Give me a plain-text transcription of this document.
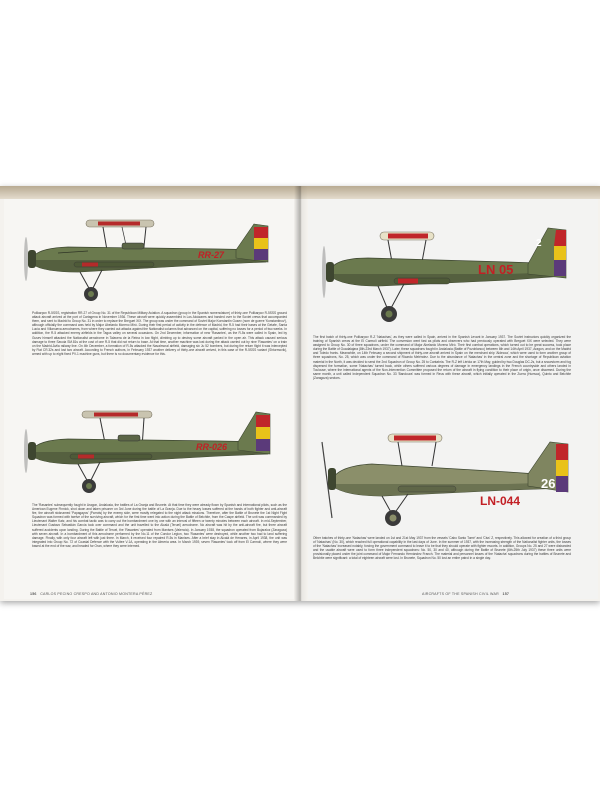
RR-27

Polikarpov R-5SSS, registration RR-27 of Group No. 31 of the Republican Military Aviation. A squadron (group in the Spanish nomenclature) of thirty-one Polikarpov R-5SSS ground attack aircraft arrived at the port of Cartagena in November 1936. These aircraft were quickly assembled in Los Alcázares and handed over to the Soviet crews that accompanied them, and sent to Madrid to Group No. 31 in order to replace the Breguet XIX. The group was under the command of Soviet Major Konstantin Gusev (nom de guerre 'Konstantinov'), although officially the command was held by Major Abelardo Moreno Miró. During their first period of activity in the defence of Madrid, the R-5 had their bases at the Getafe, Santa Lucía and Villanueva aerodromes, from where they carried out attacks against the Nationalist columns that advanced on the capital, suffering no losses for a period of two weeks. In addition, the R-5 attacked enemy airfields in the Tagus valley on several occasions. On 2nd December, information of new 'Rasantes', as the R-5s were called in Spain, led by Gusev himself attacked the Nationalist aerodrome in Talavera de la Reina in low flight, climbing up to destroy some aircraft parked in the open air. This attack caused serious damage to three Savoia SM.81s at the cost of one R-5 that did not return to base. At that time, another machine was lost during the attack carried out by nine 'Rasantes' on a train on the Madrid-Ávila railway line. On 4th December, a formation of R-5s attacked the Navalmoral airfield, damaging six Ju 52 bombers, but during the return flight it was intercepted by Fiat CR.32s and lost two aircraft. According to French authors, in February 1937 another delivery of thirty-one aircraft arrived, in this case of the R-5SSS variant (Shturmovik), armed with up to eight fixed PV-1 machine guns, but there is no documentary evidence for this.

RR-026

The 'Rasantes' subsequently fought in Aragon, Andalusia, the battles of La Granja and Brunete. At that time they were already flown by Spanish and international pilots, such as the American Eugene Finnick, shot down and taken prisoner on 3rd June during the battle of La Granja. Due to the heavy losses suffered at the hands of both fighter and anti-aircraft fire, the aircraft nicknamed 'Papagayos' (Parrots) by the enemy side, were mostly relegated to the night attack missions. Therefore, after the Battle of Brunete the 1st Night Fight Squadron was formed with twelve of the surviving aircraft, which for the first time went into action during the Battle of Belchite, from the Caspe airfield. The unit was commanded by Lieutenant Walter Katz, and his combat tactic was to carry out the bombardment one by one with an interval of fifteen or twenty minutes between each aircraft. In mid-September, Lieutenant Gustavo Sebastián García took over command and the unit travelled to the Alcalá (Teruel) aerodrome. No aircraft was hit by the anti-aircraft fire, but three aircraft suffered accidents upon landing. During the Battle of Teruel, the 'Rasantes' operated from Manises (Valencia). In January 1938, the squadron operated from Bujaraloz (Zaragoza) with seven aircraft. In a bombardment of this aerodrome performed by the No.11 of the Condor Legion, two 'Rasantes' were destroyed, while another two had to land suffering damage. Finally, with only four aircraft left with just three. In March, it received four repaired R-5s in Manises. After a brief stay in Alcalá de Henares, in April 1938, the unit was integrated into Group No. 72 of Coastal Defence with the Vultee V-1A, operating in the Almería area. In March 1939, seven 'Rasantes' took off from El Carmolí, where they were based at the end of the war, and headed for Oran, where they were interned.

156 CARLOS PECINO CRESPO AND ANTONIO MONTERA PÉREZ
LN 05
2

The first batch of thirty-one Polikarpov R-Z 'Natachas', as they were called in Spain, arrived in the Spanish Levant in January 1937. The Soviet instructors quickly organized the training of Spanish crews at the El Carmolí airfield. The conversion went fast as pilots and observers who had previously operated with Breguet XIX were selected. They were assigned to Group No. 30 of three squadrons, under the command of Major Abelardo Moreno Miró. Their first combat operations, which turned out to be great success, took place during the Battle of Guadalajara (8th-23rd March 1937). Later, these squadrons fought in Andalusia (Battle of Pozoblanco) between 6th and 14th April 1937, Aragon, and on the Madrid and Toledo fronts. Meanwhile, on 14th February a second shipment of thirty-one aircraft arrived in Spain on the merchant ship 'Aldecoa', which were used to form another group of three squadrons, No. 25, which was under the command of Ricardo Meléndez. Due to the abundance of 'Natachas' in the central zone and the shortage of Republican aviation material in the North, it was decided to send the 2nd Squadron of Group No. 25 to Cantabria. The R-Z left Lérida on 17th May, guided by two Douglas DC-2s, but a snowstorm and fog dispersed the formation, some 'Natachas' turned back, while others suffered various degrees of damage in emergency landings in the French countryside and others landed in Toulouse, where the international agents of the Non-Intervention Committee proposed the return of the aircraft in flying condition to their place of origin, once disarmed. During the same month, a unit called Independent Squadron No. 33 'Bandoura' was formed in Reus with these aircraft, which initially operated in the Zuera (Huesca), Quinto and Belchite (Zaragoza) sectors.

LN-044
26

Other batches of thirty-one 'Natachas' were landed on 1st and 21st May 1937 from the vessels 'Cabo Santo Tomé' and 'Ciss' Z, respectively. This allowed for creation of a third group of 'Natachas' (No. 30), which reached full operational capability in the last days of June. In the summer of 1937, with the increasing strength of the Nationalist fighter units, the losses of the 'Natachas' increased notably, forcing the government command to leave it to be that they should operate with fighter escorts. In addition, Groups No. 25 and 27 were disbanded and the usable aircraft were used to form three independent squadrons: No. 50, 30 and 40, although during the Battle of Brunete (6th-25th July 1937) these three units were provisionally placed under the joint command of Major Fernando Hernández Franch. The material and personnel losses of the 'Natacha' squadrons during the battles of Brunete and Belchite were significant: a total of eighteen aircraft were lost. In Brunete, Squadron No. 50 lost an entire patrol in a single day.

AIRCRAFTS OF THE SPANISH CIVIL WAR 157
